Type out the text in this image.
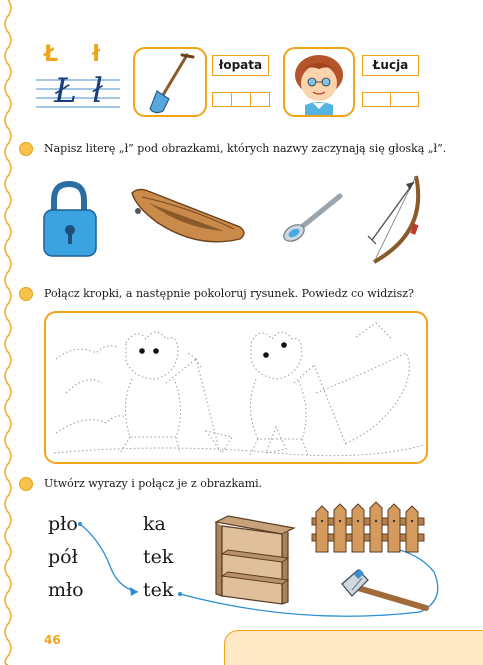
Ł ł
Ł ł
łopata	Łucja
Napisz literę „ł” pod obrazkami, których nazwy zaczynają się głoską „ł”.
Połącz kropki, a następnie pokoloruj rysunek. Powiedz co widzisz?
Utwórz wyrazy i połącz je z obrazkami.
pło
pół
mło
ka
tek
tek
46
